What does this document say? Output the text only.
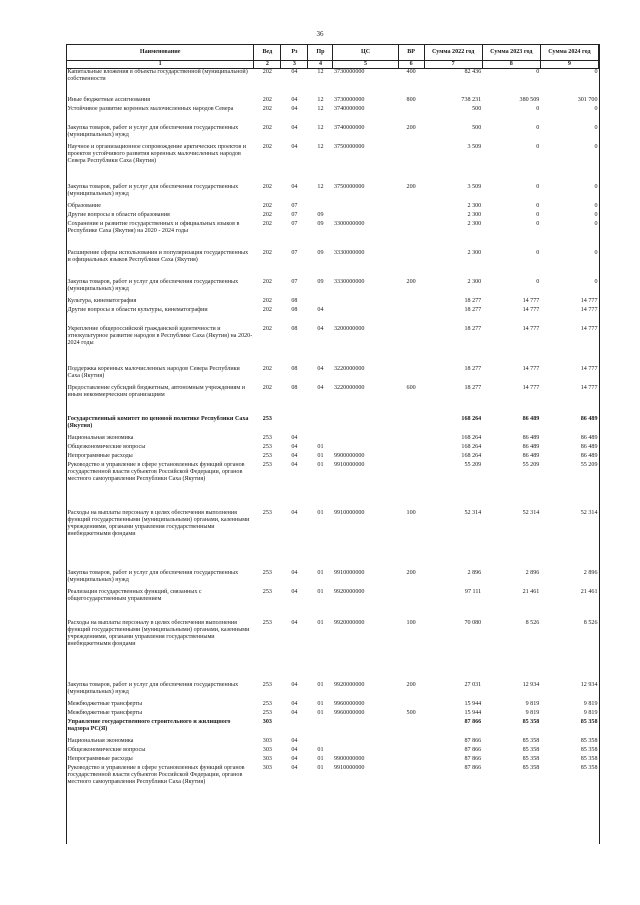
36
Наименование	Вед	Рз	Пр	ЦС	ВР	Сумма 2022 год	Сумма 2023 год	Сумма 2024 год
1	2	3	4	5	6	7	8	9
Капитальные вложения в объекты государственной (муниципальной) собственности	202	04	12	3730000000	400	82 436	0	0
Иные бюджетные ассигнования	202	04	12	3730000000	800	738 231	380 509	301 700
Устойчивое развитие коренных малочисленных народов Севера	202	04	12	3740000000		500	0	0
Закупка товаров, работ и услуг для обеспечения государственных (муниципальных) нужд	202	04	12	3740000000	200	500	0	0
Научное и организационное сопровождение арктических проектов и проектов устойчивого развития коренных малочисленных народов Севера Республики Саха (Якутия)	202	04	12	3750000000		3 509	0	0
Закупка товаров, работ и услуг для обеспечения государственных (муниципальных) нужд	202	04	12	3750000000	200	3 509	0	0
Образование	202	07				2 300	0	0
Другие вопросы в области образования	202	07	09			2 300	0	0
Сохранение и развитие государственных и официальных языков в Республике Саха (Якутия) на 2020 - 2024 годы	202	07	09	3300000000		2 300	0	0
Расширение сферы использования и популяризация государственных и официальных языков Республики Саха (Якутия)	202	07	09	3330000000		2 300	0	0
Закупка товаров, работ и услуг для обеспечения государственных (муниципальных) нужд	202	07	09	3330000000	200	2 300	0	0
Культура, кинематография	202	08				18 277	14 777	14 777
Другие вопросы в области культуры, кинематографии	202	08	04			18 277	14 777	14 777
Укрепление общероссийской гражданской идентичности и этнокультурное развитие народов в Республике Саха (Якутия) на 2020-2024 годы	202	08	04	3200000000		18 277	14 777	14 777
Поддержка коренных малочисленных народов Севера Республики Саха (Якутия)	202	08	04	3220000000		18 277	14 777	14 777
Предоставление субсидий бюджетным, автономным учреждениям и иным некоммерческим организациям	202	08	04	3220000000	600	18 277	14 777	14 777
Государственный комитет по ценовой политике Республики Саха (Якутия)	253					168 264	86 489	86 489
Национальная экономика	253	04				168 264	86 489	86 489
Общеэкономические вопросы	253	04	01			168 264	86 489	86 489
Непрограммные расходы	253	04	01	9900000000		168 264	86 489	86 489
Руководство и управление в сфере установленных функций органов государственной власти субъектов Российской Федерации, органов местного самоуправления Республики Саха (Якутия)	253	04	01	9910000000		55 209	55 209	55 209
Расходы на выплаты персоналу в целях обеспечения выполнения функций государственными (муниципальными) органами, казенными учреждениями, органами управления государственными внебюджетными фондами	253	04	01	9910000000	100	52 314	52 314	52 314
Закупка товаров, работ и услуг для обеспечения государственных (муниципальных) нужд	253	04	01	9910000000	200	2 896	2 896	2 896
Реализация государственных функций, связанных с общегосударственным управлением	253	04	01	9920000000		97 111	21 461	21 461
Расходы на выплаты персоналу в целях обеспечения выполнения функций государственными (муниципальными) органами, казенными учреждениями, органами управления государственными внебюджетными фондами	253	04	01	9920000000	100	70 080	8 526	8 526
Закупка товаров, работ и услуг для обеспечения государственных (муниципальных) нужд	253	04	01	9920000000	200	27 031	12 934	12 934
Межбюджетные трансферты	253	04	01	9960000000		15 944	9 819	9 819
Межбюджетные трансферты	253	04	01	9960000000	500	15 944	9 819	9 819
Управление государственного строительного и жилищного надзора РС(Я)	303					87 866	85 358	85 358
Национальная экономика	303	04				87 866	85 358	85 358
Общеэкономические вопросы	303	04	01			87 866	85 358	85 358
Непрограммные расходы	303	04	01	9900000000		87 866	85 358	85 358
Руководство и управление в сфере установленных функций органов государственной власти субъектов Российской Федерации, органов местного самоуправления Республики Саха (Якутия)	303	04	01	9910000000		87 866	85 358	85 358
